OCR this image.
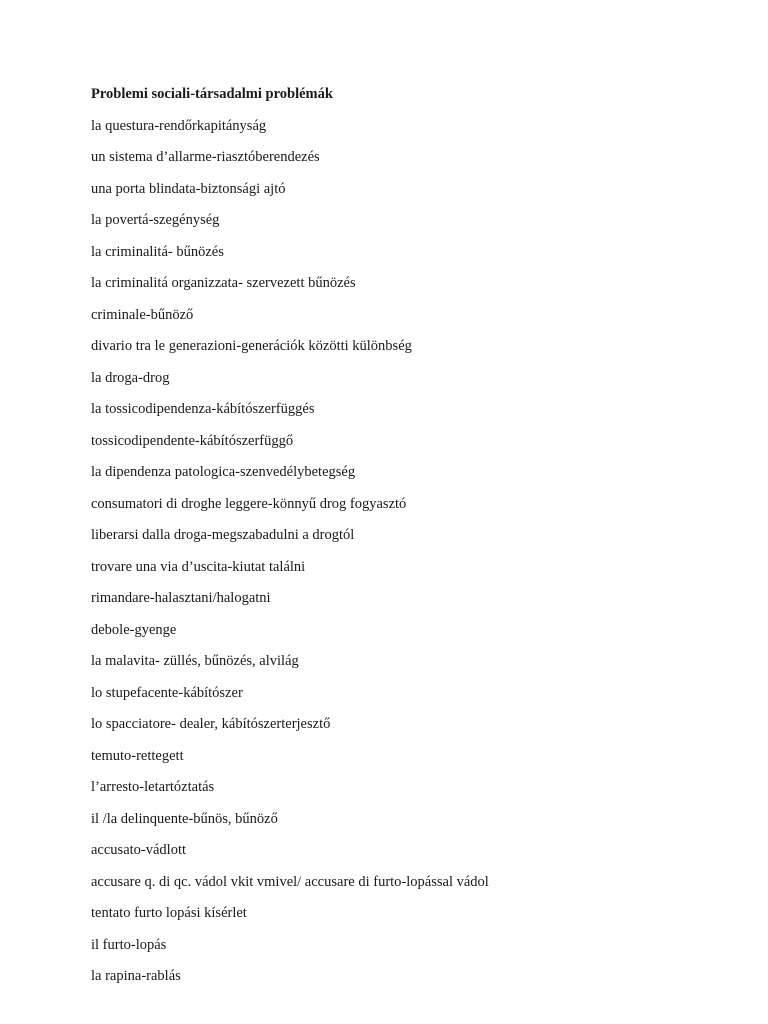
Problemi sociali-társadalmi problémák
la questura-rendőrkapitányság
un sistema d’allarme-riasztóberendezés
una porta blindata-biztonsági ajtó
la povertá-szegénység
la criminalitá- bűnözés
la criminalitá organizzata- szervezett bűnözés
criminale-bűnöző
divario tra le generazioni-generációk közötti különbség
la droga-drog
la tossicodipendenza-kábítószerfüggés
tossicodipendente-kábítószerfüggő
la dipendenza patologica-szenvedélybetegség
consumatori di droghe leggere-könnyű drog fogyasztó
liberarsi dalla droga-megszabadulni a drogtól
trovare una via d’uscita-kiutat találni
rimandare-halasztani/halogatni
debole-gyenge
la malavita- züllés, bűnözés, alvilág
lo stupefacente-kábítószer
lo spacciatore- dealer, kábítószerterjesztő
temuto-rettegett
l’arresto-letartóztatás
il /la delinquente-bűnös, bűnöző
accusato-vádlott
accusare q. di qc. vádol vkit vmivel/ accusare di furto-lopással vádol
tentato furto lopási kísérlet
il furto-lopás
la rapina-rablás
